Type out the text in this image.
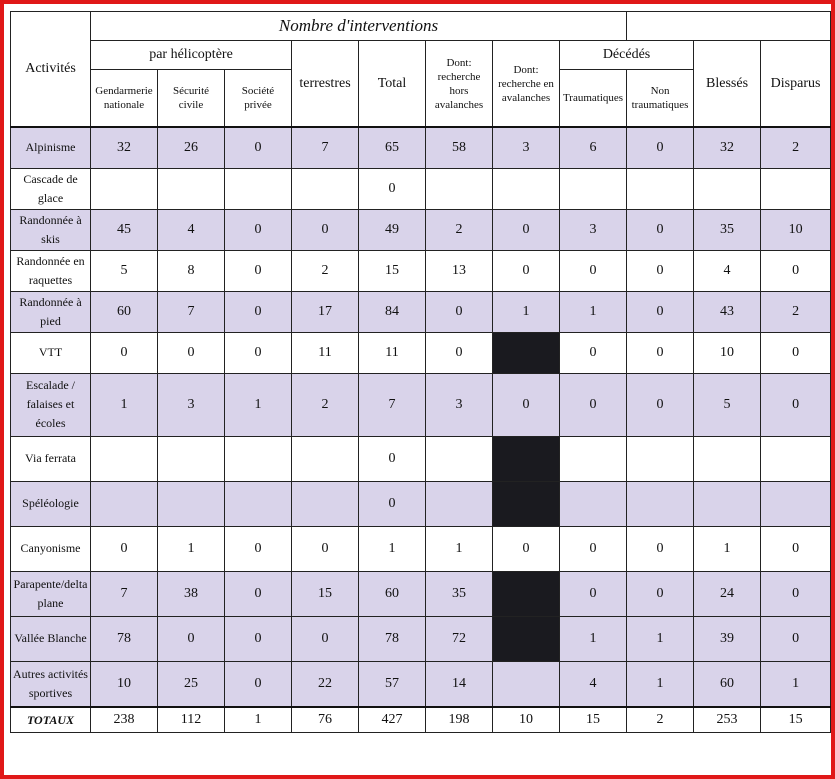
Activités	Nombre d'interventions										
	par hélicoptère			terrestres	Total	Dont:
recherche
hors
avalanches	Dont:
recherche en
avalanches	Décédés		Blessés	Disparus
	Gendarmerie
nationale	Sécurité civile	Société privée					Traumatiques	Non
traumatiques		
Alpinisme	32	26	0	7	65	58	3	6	0	32	2
Cascade de glace					0						
Randonnée à
skis	45	4	0	0	49	2	0	3	0	35	10
Randonnée en
raquettes	5	8	0	2	15	13	0	0	0	4	0
Randonnée à
pied	60	7	0	17	84	0	1	1	0	43	2
VTT	0	0	0	11	11	0		0	0	10	0
Escalade /
falaises et écoles	1	3	1	2	7	3	0	0	0	5	0
Via ferrata					0						
Spéléologie					0						
Canyonisme	0	1	0	0	1	1	0	0	0	1	0
Parapente/delta
plane	7	38	0	15	60	35		0	0	24	0
Vallée Blanche	78	0	0	0	78	72		1	1	39	0
Autres activités
sportives	10	25	0	22	57	14		4	1	60	1
TOTAUX	238	112	1	76	427	198	10	15	2	253	15
